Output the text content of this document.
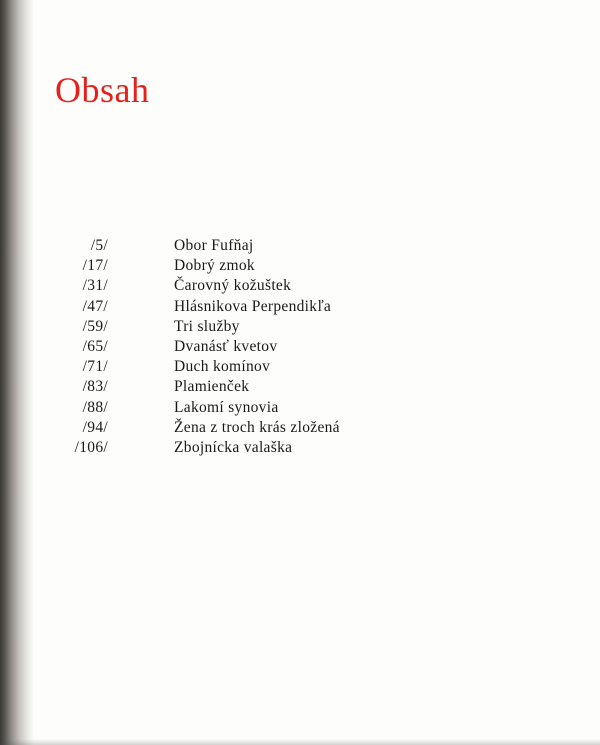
Obsah
/5/	Obor Fufňaj
/17/	Dobrý zmok
/31/	Čarovný kožuštek
/47/	Hlásnikova Perpendikľa
/59/	Tri služby
/65/	Dvanásť kvetov
/71/	Duch komínov
/83/	Plamienček
/88/	Lakomí synovia
/94/	Žena z troch krás zložená
/106/	Zbojnícka valaška
